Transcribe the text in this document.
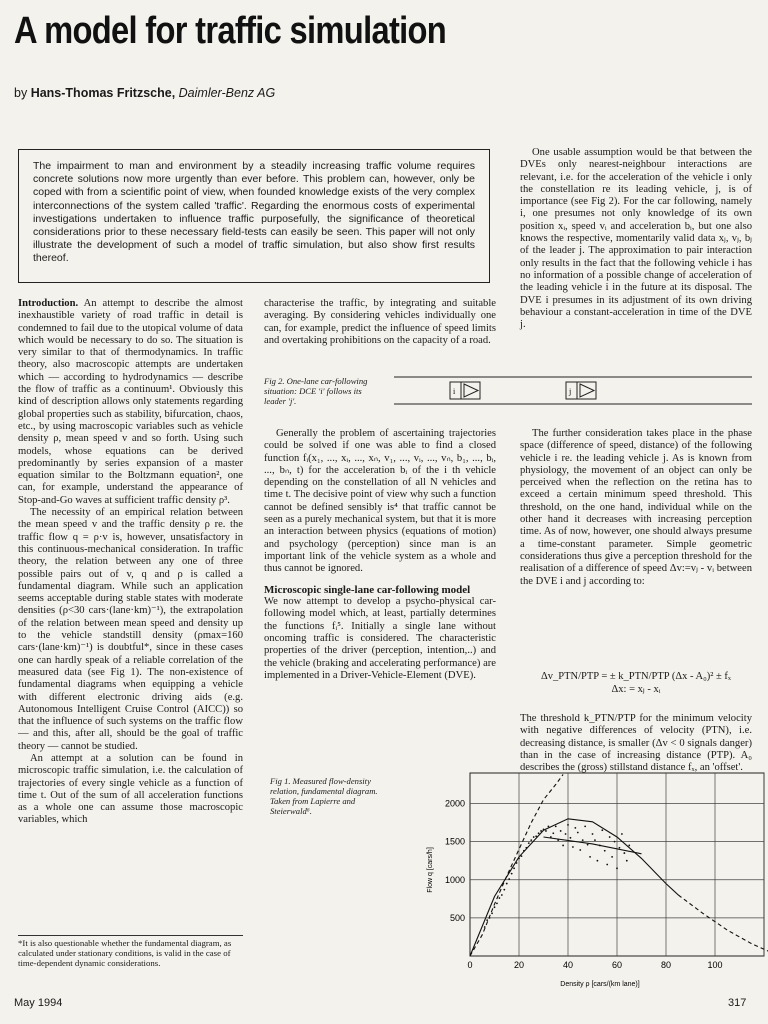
A model for traffic simulation
by Hans-Thomas Fritzsche, Daimler-Benz AG
The impairment to man and environment by a steadily increasing traffic volume requires concrete solutions now more urgently than ever before. This problem can, however, only be coped with from a scientific point of view, when founded knowledge exists of the very complex interconnections of the system called 'traffic'. Regarding the enormous costs of experimental investigations undertaken to influence traffic purposefully, the significance of theoretical considerations prior to these necessary field-tests can easily be seen. This paper will not only illustrate the development of such a model of traffic simulation, but also show first results thereof.

One usable assumption would be that between the DVEs only nearest-neighbour interactions are relevant, i.e. for the acceleration of the vehicle i only the constellation re its leading vehicle, j, is of importance (see Fig 2). For the car following, namely i, one presumes not only knowledge of its own position xᵢ, speed vᵢ and acceleration bᵢ, but one also knows the respective, momentarily valid data xⱼ, vⱼ, bⱼ of the leader j. The approximation to pair interaction only results in the fact that the following vehicle i has no information of a possible change of acceleration of the leading vehicle i in the future at its disposal. The DVE i presumes in its adjustment of its own driving behaviour a constant-acceleration in time of the DVE j.

Introduction. An attempt to describe the almost inexhaustible variety of road traffic in detail is condemned to fail due to the utopical volume of data which would be necessary to do so. The situation is very similar to that of thermodynamics. In traffic theory, also macroscopic attempts are undertaken which — according to hydrodynamics — describe the flow of traffic as a continuum¹. Obviously this kind of description allows only statements regarding global properties such as stability, bifurcation, chaos, etc., by using macroscopic variables such as vehicle density ρ, mean speed v and so forth. Using such models, whose equations can be derived predominantly by series expansion of a master equation similar to the Boltzmann equation², one can, for example, understand the appearance of Stop-and-Go waves at sufficient traffic density ρ³.

The necessity of an empirical relation between the mean speed v and the traffic density ρ re. the traffic flow q = ρ·v is, however, unsatisfactory in this continuous-mechanical consideration. In traffic theory, the relation between any one of three possible pairs out of v, q and ρ is called a fundamental diagram. While such an application seems acceptable during stable states with moderate densities (ρ<30 cars·(lane·km)⁻¹), the extrapolation of the relation between mean speed and density up to the vehicle standstill density (ρmax=160 cars·(lane·km)⁻¹) is doubtful*, since in these cases one can hardly speak of a reliable correlation of the measured data (see Fig 1). The non-existence of fundamental diagrams when equipping a vehicle with different electronic driving aids (e.g. Autonomous Intelligent Cruise Control (AICC)) so that the influence of such systems on the traffic flow — and this, after all, should be the goal of traffic theory — cannot be studied.

An attempt at a solution can be found in microscopic traffic simulation, i.e. the calculation of trajectories of every single vehicle as a function of time t. Out of the sum of all acceleration functions as a whole one can assume those macroscopic variables, which

characterise the traffic, by integrating and suitable averaging. By considering vehicles individually one can, for example, predict the influence of speed limits and overtaking prohibitions on the capacity of a road.

Fig 2. One-lane car-following situation: DCE 'i' follows its leader 'j'.
i	j

Generally the problem of ascertaining trajectories could be solved if one was able to find a closed function fᵢ(x₁, ..., xᵢ, ..., xₙ, v₁, ..., vᵢ, ..., vₙ, b₁, ..., bᵢ, ..., bₙ, t) for the acceleration bᵢ of the i th vehicle depending on the constellation of all N vehicles and time t. The decisive point of view why such a function cannot be defined sensibly is⁴ that traffic cannot be seen as a purely mechanical system, but that it is more an interaction between physics (equations of motion) and psychology (perception) since man is an important link of the vehicle system as a whole and thus cannot be ignored.

Microscopic single-lane car-following model

We now attempt to develop a psycho-physical car-following model which, at least, partially determines the functions fᵢ⁵. Initially a single lane without oncoming traffic is considered. The characteristic properties of the driver (perception, intention,..) and the vehicle (braking and accelerating performance) are implemented in a Driver-Vehicle-Element (DVE).

The further consideration takes place in the phase space (difference of speed, distance) of the following vehicle i re. the leading vehicle j. As is known from physiology, the movement of an object can only be perceived when the reflection on the retina has to exceed a certain minimum speed threshold. This threshold, on the one hand, individual while on the other hand it decreases with increasing perception time. As of now, however, one should always presume a time-constant parameter. Simple geometric considerations thus give a perception threshold for the realisation of a difference of speed Δv:=vⱼ - vᵢ between the DVE i and j according to:

Δv_PTN/PTP = ± k_PTN/PTP (Δx - A₀)² ± fₓ
Δx: = xⱼ - xᵢ

The threshold k_PTN/PTP for the minimum velocity with negative differences of velocity (PTN), i.e. decreasing distance, is smaller (Δv < 0 signals danger) than in the case of increasing distance (PTP). A₀ describes the (gross) stillstand distance fₓ, an 'offset'.

Fig 1. Measured flow-density relation, fundamental diagram. Taken from Lapierre and Steierwald⁶.
0	20	40	60	80	100
500
1000
1500
2000
Flow q [cars/h]
Density ρ [cars/(km lane)]
*It is also questionable whether the fundamental diagram, as calculated under stationary conditions, is valid in the case of time-dependent dynamic considerations.
May 1994	317
